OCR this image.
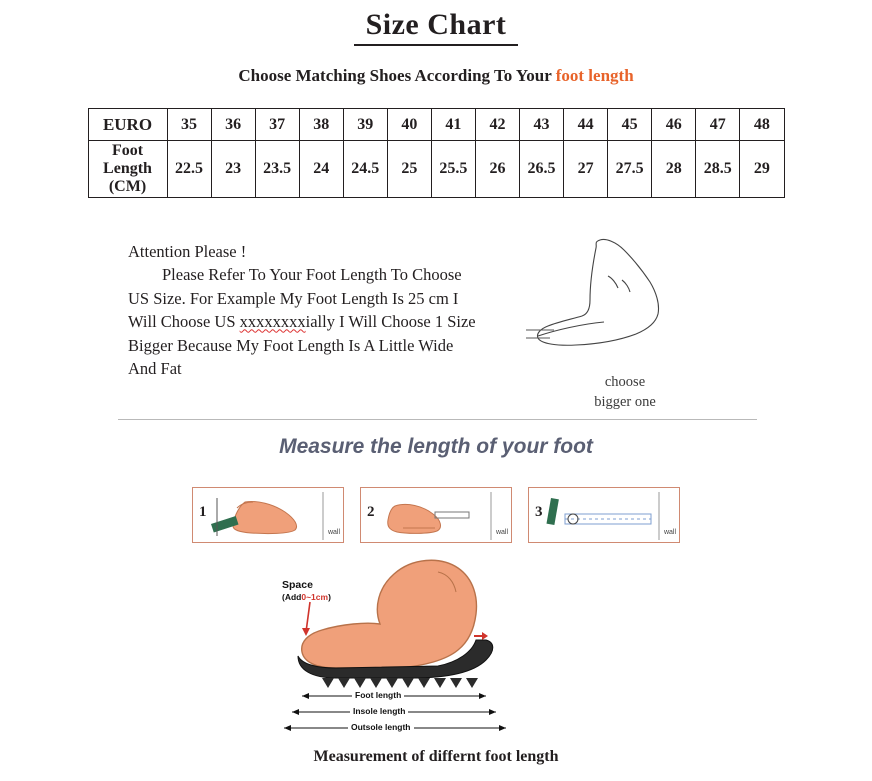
Size Chart
Choose Matching Shoes According To Your foot length
EURO	35	36	37	38	39	40	41	42	43	44	45	46	47	48

Foot
Length
(CM)	22.5	23	23.5	24	24.5	25	25.5	26	26.5	27	27.5	28	28.5	29
Attention Please !
Please Refer To Your Foot Length To Choose
US Size. For Example My Foot Length Is 25 cm I
Will Choose US xxxxxxxxially I Will Choose 1 Size
Bigger Because My Foot Length Is A Little Wide
And Fat
choose
bigger one
Measure the length of your foot
1
wall
2
wall
3
wall
Space
(Add0~1cm)
Foot length
Insole length
Outsole length
Measurement of differnt foot length
